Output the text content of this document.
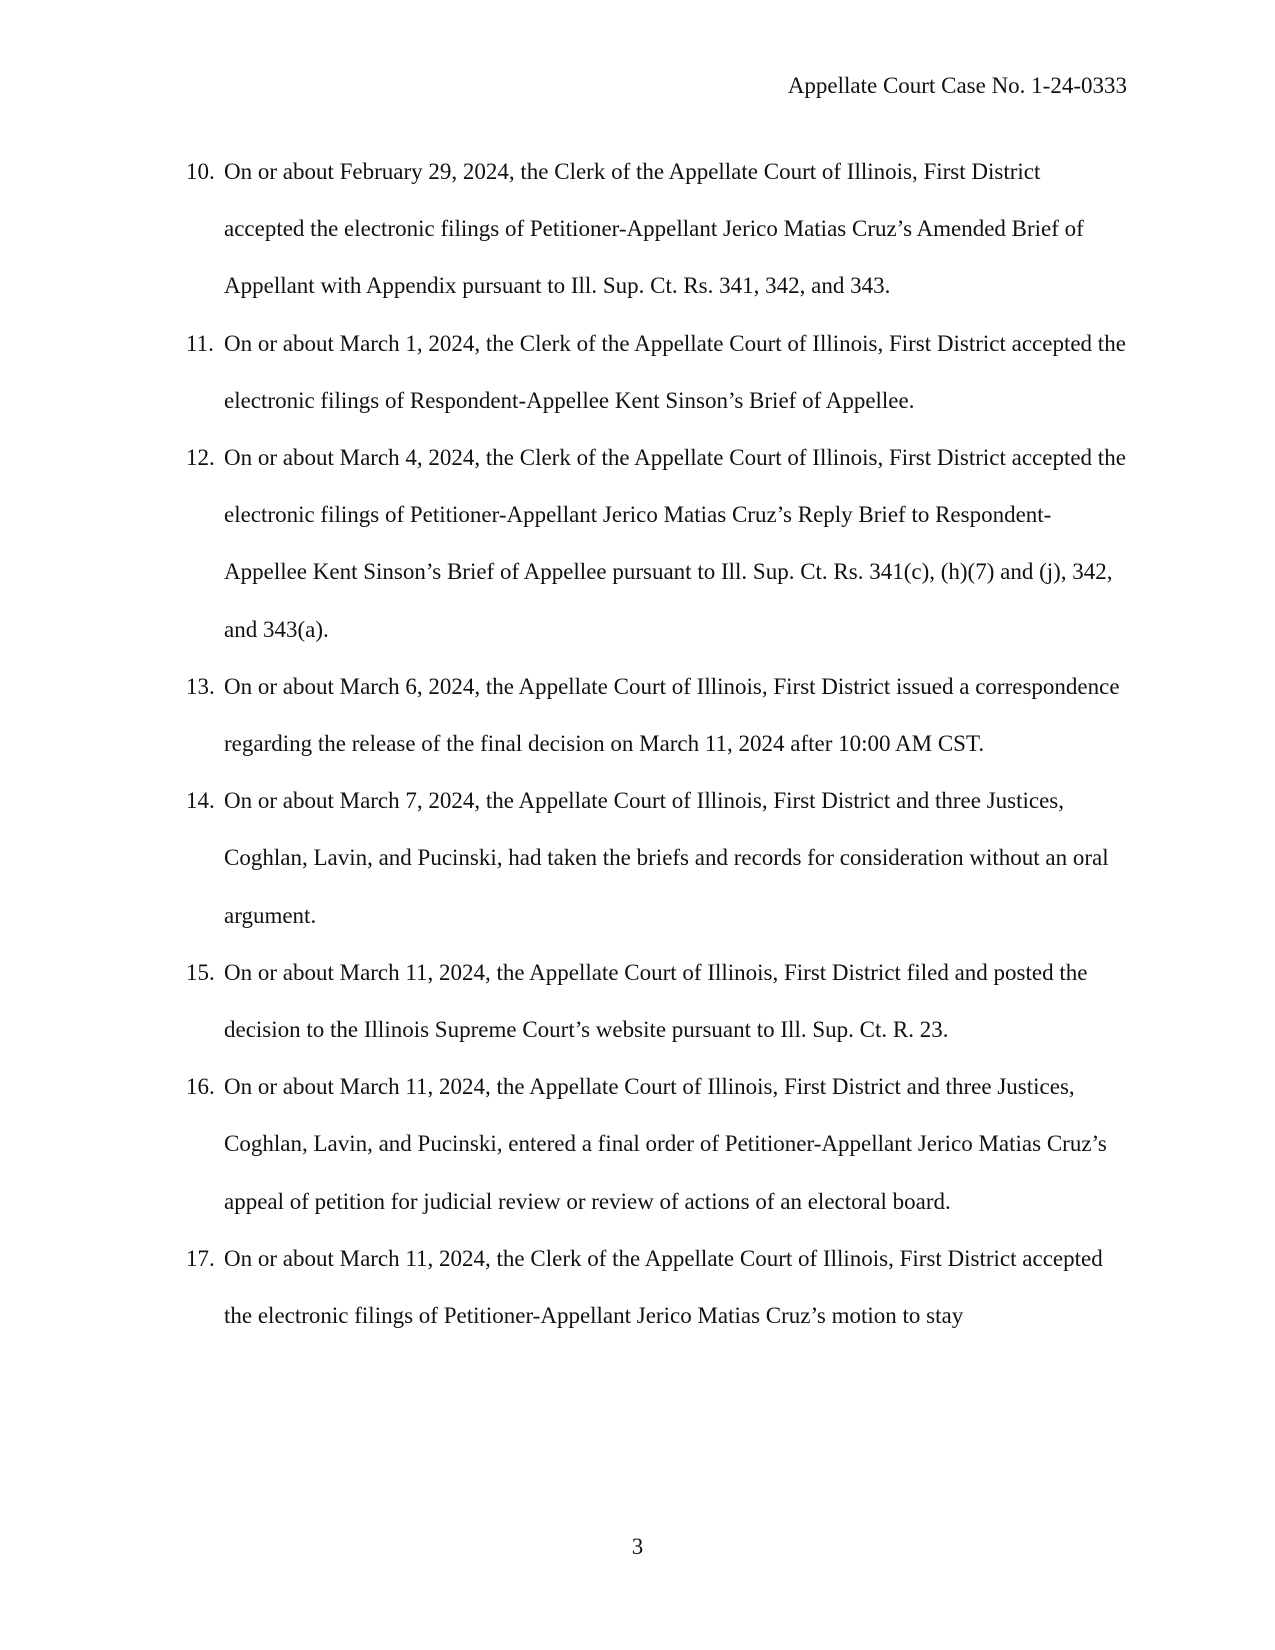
Appellate Court Case No. 1-24-0333
10. On or about February 29, 2024, the Clerk of the Appellate Court of Illinois, First District accepted the electronic filings of Petitioner-Appellant Jerico Matias Cruz’s Amended Brief of Appellant with Appendix pursuant to Ill. Sup. Ct. Rs. 341, 342, and 343.
11. On or about March 1, 2024, the Clerk of the Appellate Court of Illinois, First District accepted the electronic filings of Respondent-Appellee Kent Sinson’s Brief of Appellee.
12. On or about March 4, 2024, the Clerk of the Appellate Court of Illinois, First District accepted the electronic filings of Petitioner-Appellant Jerico Matias Cruz’s Reply Brief to Respondent-Appellee Kent Sinson’s Brief of Appellee pursuant to Ill. Sup. Ct. Rs. 341(c), (h)(7) and (j), 342, and 343(a).
13. On or about March 6, 2024, the Appellate Court of Illinois, First District issued a correspondence regarding the release of the final decision on March 11, 2024 after 10:00 AM CST.
14. On or about March 7, 2024, the Appellate Court of Illinois, First District and three Justices, Coghlan, Lavin, and Pucinski, had taken the briefs and records for consideration without an oral argument.
15. On or about March 11, 2024, the Appellate Court of Illinois, First District filed and posted the decision to the Illinois Supreme Court’s website pursuant to Ill. Sup. Ct. R. 23.
16. On or about March 11, 2024, the Appellate Court of Illinois, First District and three Justices, Coghlan, Lavin, and Pucinski, entered a final order of Petitioner-Appellant Jerico Matias Cruz’s appeal of petition for judicial review or review of actions of an electoral board.
17. On or about March 11, 2024, the Clerk of the Appellate Court of Illinois, First District accepted the electronic filings of Petitioner-Appellant Jerico Matias Cruz’s motion to stay
3
